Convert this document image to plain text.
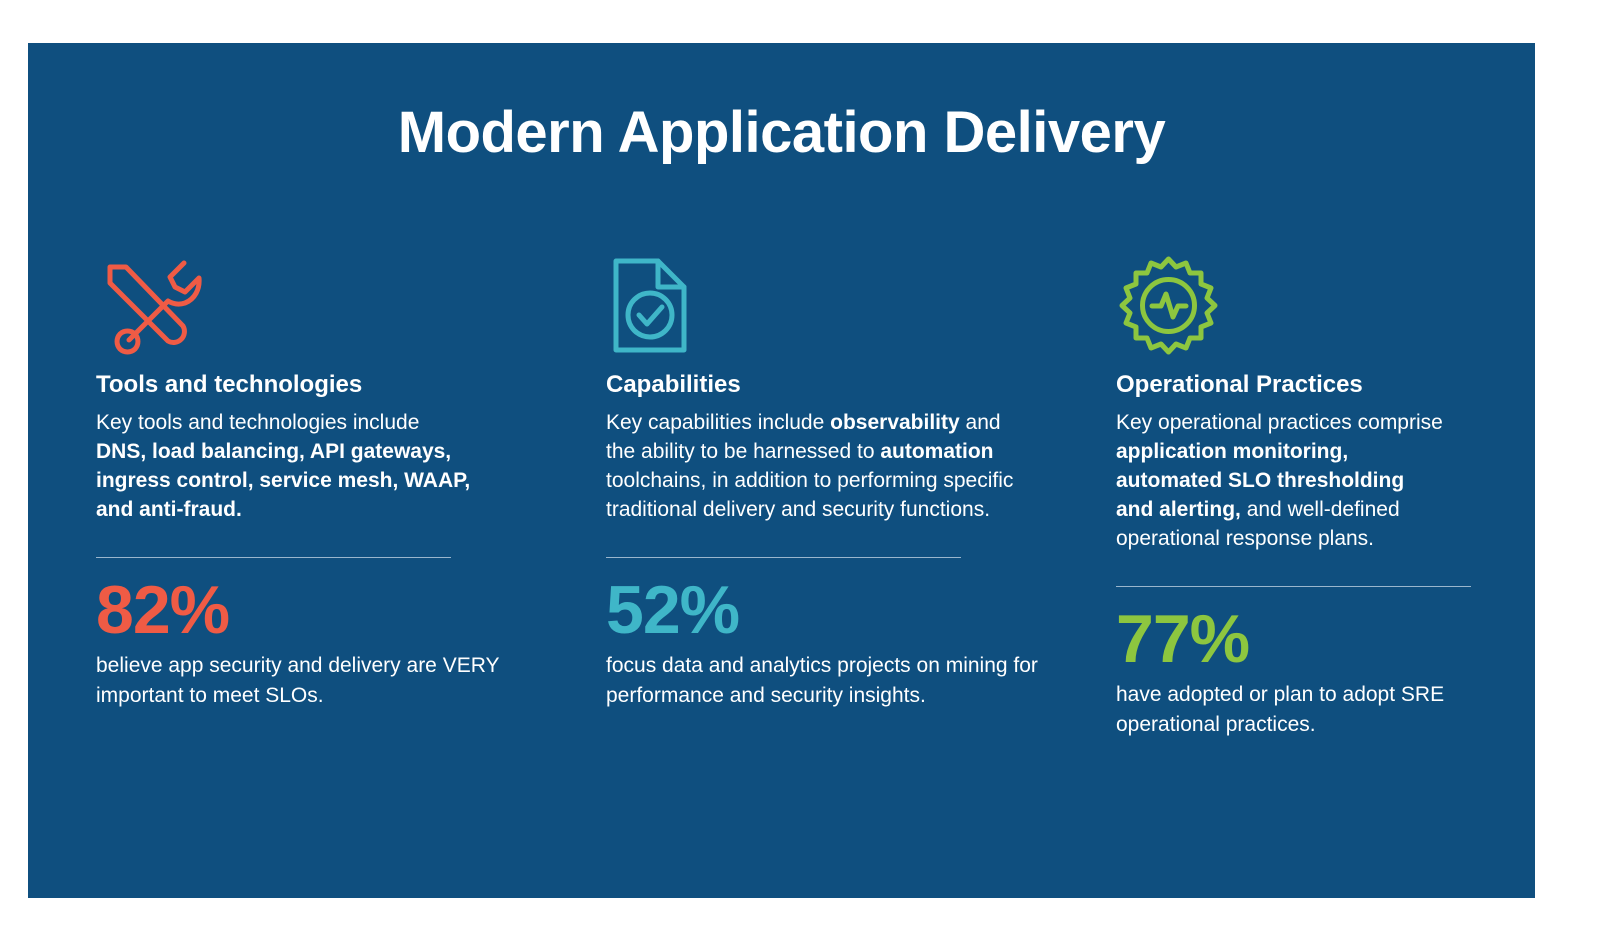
Modern Application Delivery
Tools and technologies
Key tools and technologies include DNS, load balancing, API gateways, ingress control, service mesh, WAAP, and anti-fraud.
82%
believe app security and delivery are VERY important to meet SLOs.
Capabilities
Key capabilities include observability and the ability to be harnessed to automation toolchains, in addition to performing specific traditional delivery and security functions.
52%
focus data and analytics projects on mining for performance and security insights.
Operational Practices
Key operational practices comprise application monitoring, automated SLO thresholding and alerting, and well-defined operational response plans.
77%
have adopted or plan to adopt SRE operational practices.
